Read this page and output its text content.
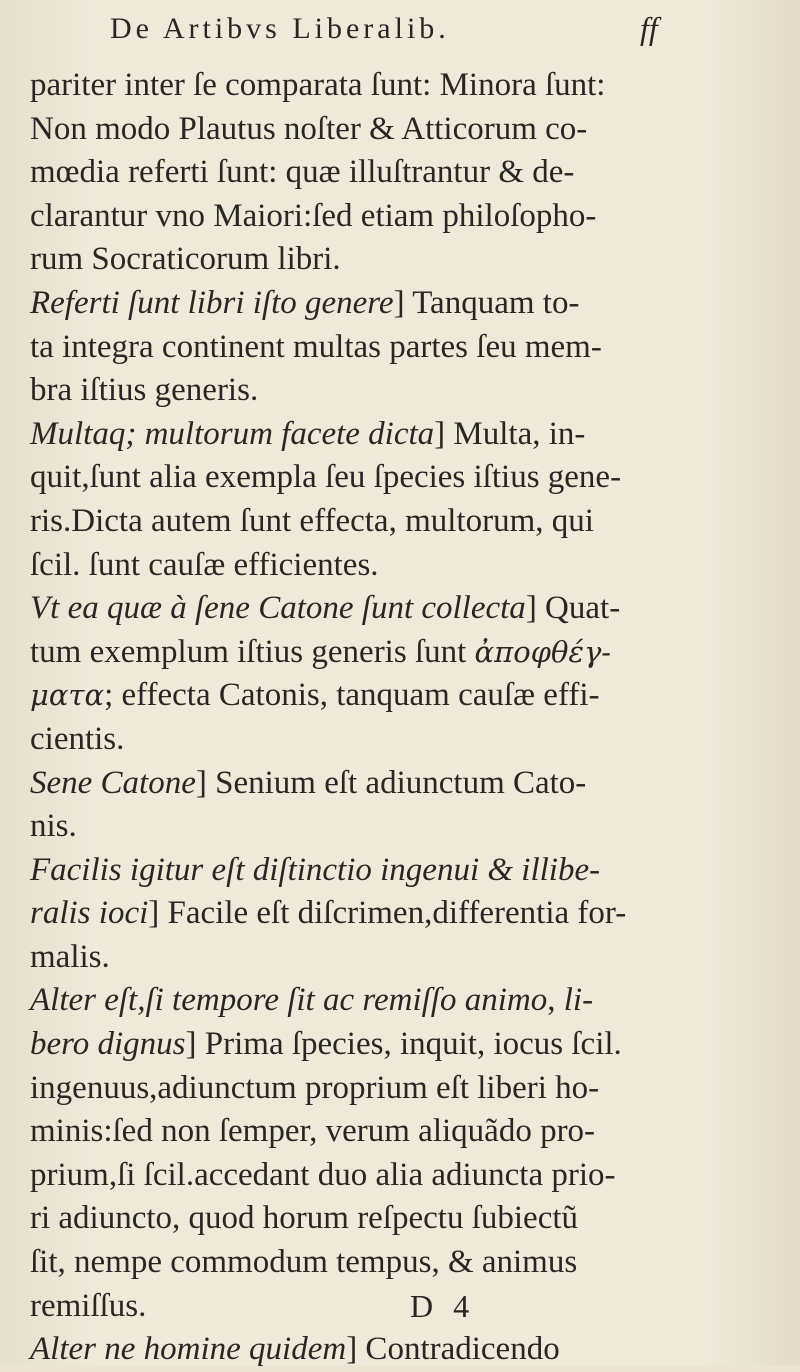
De Artibvs Liberalib.	ff
pariter inter ſe comparata ſunt: Minora ſunt:
Non modo Plautus noſter & Atticorum co-
mœdia referti ſunt: quæ illuſtrantur & de-
clarantur vno Maiori:ſed etiam philoſopho-
rum Socraticorum libri.
Referti ſunt libri iſto genere] Tanquam to-
ta integra continent multas partes ſeu mem-
bra iſtius generis.
Multaq; multorum facete dicta] Multa, in-
quit,ſunt alia exempla ſeu ſpecies iſtius gene-
ris.Dicta autem ſunt effecta, multorum, qui
ſcil. ſunt cauſæ efficientes.
Vt ea quæ à ſene Catone ſunt collecta] Quat-
tum exemplum iſtius generis ſunt ἀποφθέγ-
ματα; effecta Catonis, tanquam cauſæ effi-
cientis.
Sene Catone] Senium eſt adiunctum Cato-
nis.
Facilis igitur eſt diſtinctio ingenui & illibe-
ralis ioci] Facile eſt diſcrimen,differentia for-
malis.
Alter eſt,ſi tempore ſit ac remiſſo animo, li-
bero dignus] Prima ſpecies, inquit, iocus ſcil.
ingenuus,adiunctum proprium eſt liberi ho-
minis:ſed non ſemper, verum aliquãdo pro-
prium,ſi ſcil.accedant duo alia adiuncta prio-
ri adiuncto, quod horum reſpectu ſubiectũ
ſit, nempe commodum tempus, & animus
remiſſus.
Alter ne homine quidem] Contradicendo
D 4
